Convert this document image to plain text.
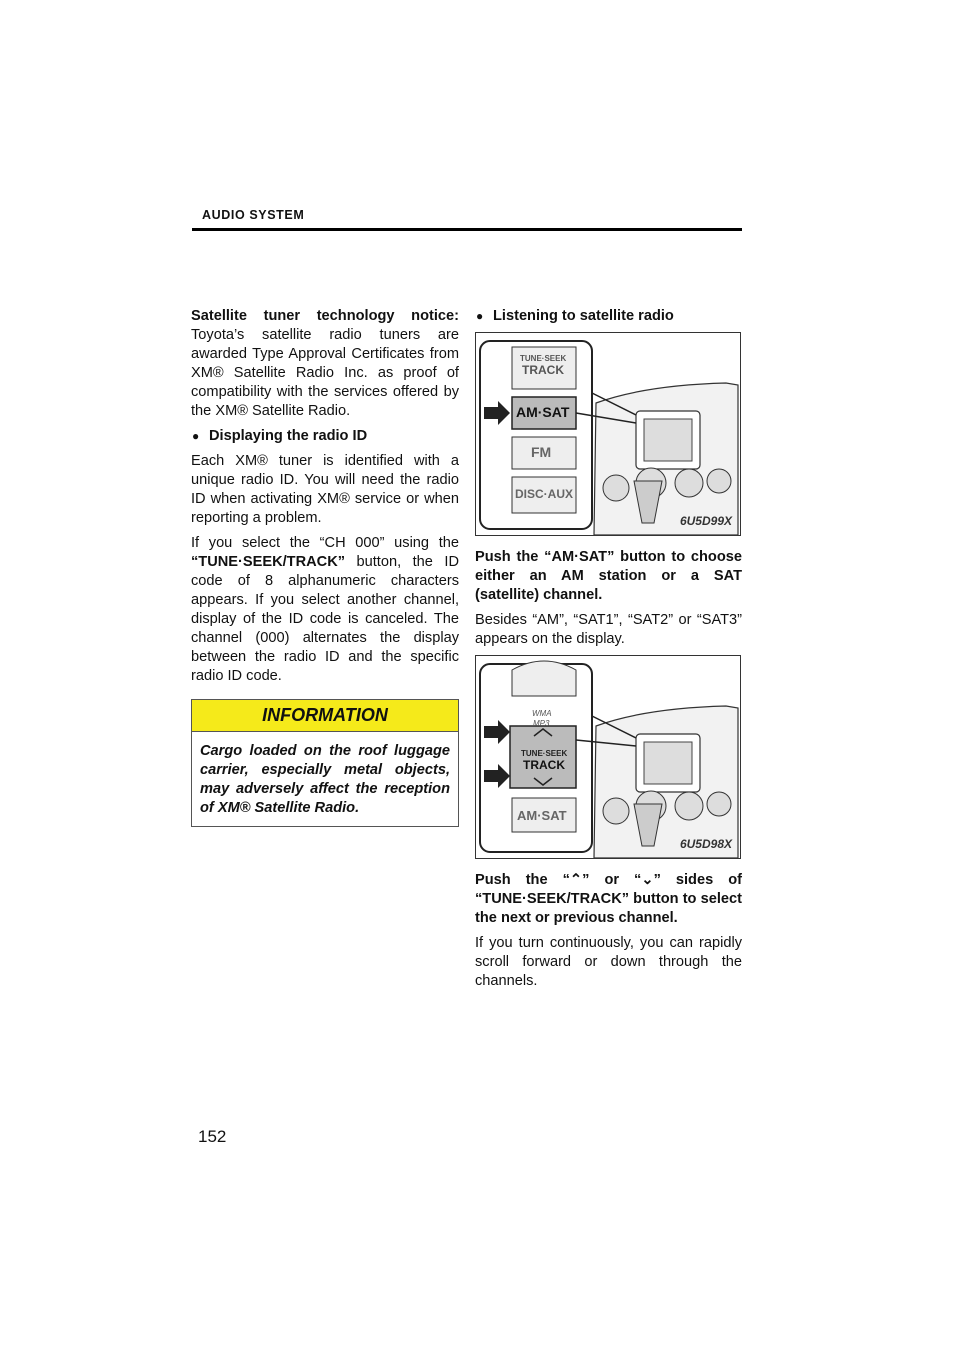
AUDIO SYSTEM

Satellite tuner technology notice: Toyota’s satellite radio tuners are awarded Type Approval Certificates from XM® Satellite Radio Inc. as proof of compatibility with the services offered by the XM® Satellite Radio.

● Displaying the radio ID

Each XM® tuner is identified with a unique radio ID. You will need the radio ID when activating XM® service or when reporting a problem.

If you select the “CH 000” using the “TUNE·SEEK/TRACK” button, the ID code of 8 alphanumeric characters appears. If you select another channel, display of the ID code is canceled. The channel (000) alternates the display between the radio ID and the specific radio ID code.

INFORMATION
Cargo loaded on the roof luggage carrier, especially metal objects, may adversely affect the reception of XM® Satellite Radio.
● Listening to satellite radio
TUNE·SEEK
TRACK
AM·SAT
FM
DISC·AUX
6U5D99X

Push the “AM·SAT” button to choose either an AM station or a SAT (satellite) channel.

Besides “AM”, “SAT1”, “SAT2” or “SAT3” appears on the display.

WMA
MP3
TUNE·SEEK
TRACK
AM·SAT
6U5D98X

Push the “⌃” or “⌄” sides of “TUNE·SEEK/TRACK” button to select the next or previous channel.

If you turn continuously, you can rapidly scroll forward or down through the channels.

152
